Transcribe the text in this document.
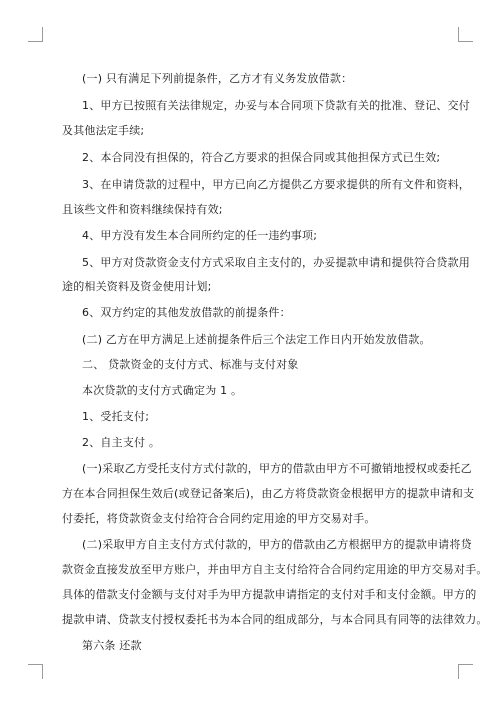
(一) 只有满足下列前提条件，乙方才有义务发放借款：
1、甲方已按照有关法律规定，办妥与本合同项下贷款有关的批准、登记、交付
及其他法定手续;
2、本合同没有担保的，符合乙方要求的担保合同或其他担保方式已生效;
3、在申请贷款的过程中，甲方已向乙方提供乙方要求提供的所有文件和资料，
且该些文件和资料继续保持有效;
4、甲方没有发生本合同所约定的任一违约事项;
5、甲方对贷款资金支付方式采取自主支付的，办妥提款申请和提供符合贷款用
途的相关资料及资金使用计划;
6、双方约定的其他发放借款的前提条件：
(二) 乙方在甲方满足上述前提条件后三个法定工作日内开始发放借款。
二、 贷款资金的支付方式、标准与支付对象
本次贷款的支付方式确定为 1 。
1、受托支付;
2、自主支付 。
(一)采取乙方受托支付方式付款的，甲方的借款由甲方不可撤销地授权或委托乙
方在本合同担保生效后(或登记备案后)，由乙方将贷款资金根据甲方的提款申请和支
付委托，将贷款资金支付给符合合同约定用途的甲方交易对手。
(二)采取甲方自主支付方式付款的，甲方的借款由乙方根据甲方的提款申请将贷
款资金直接发放至甲方账户，并由甲方自主支付给符合合同约定用途的甲方交易对手。
具体的借款支付金额与支付对手为甲方提款申请指定的支付对手和支付金额。甲方的
提款申请、贷款支付授权委托书为本合同的组成部分，与本合同具有同等的法律效力。
第六条 还款
